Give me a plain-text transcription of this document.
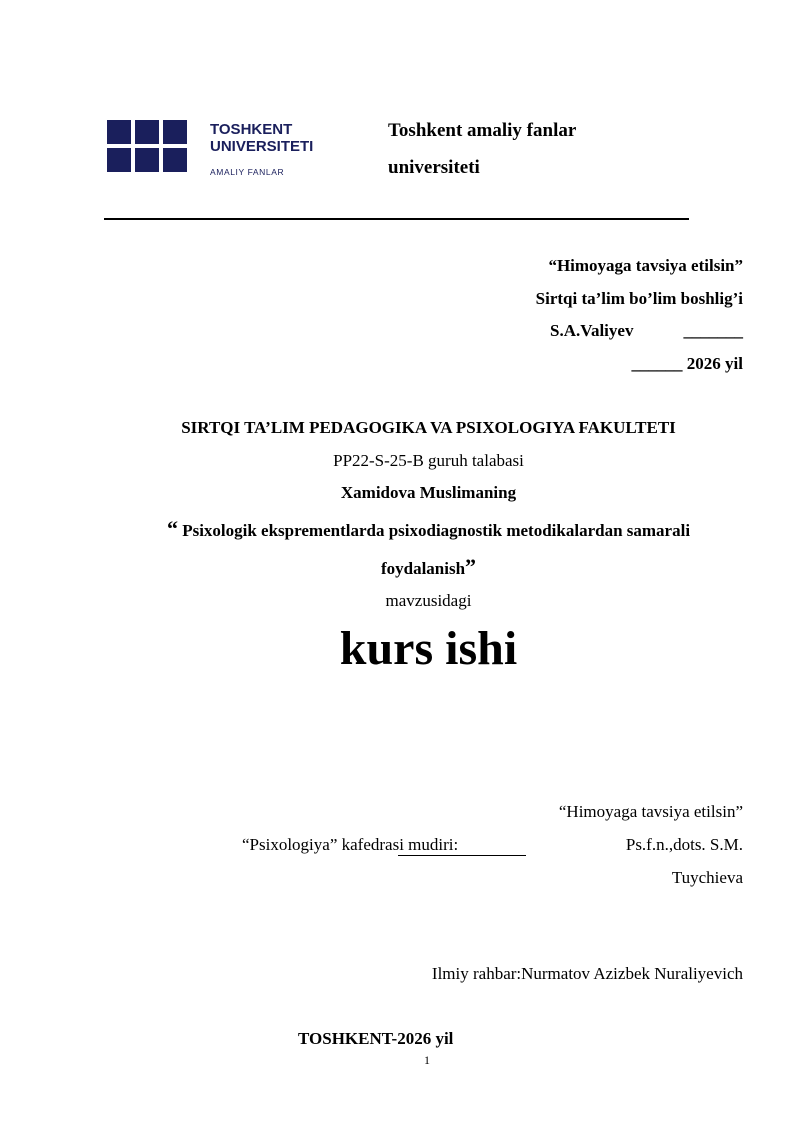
TOSHKENT
UNIVERSITETI
AMALIY FANLAR
Toshkent amaliy fanlar
universiteti
“Himoyaga tavsiya etilsin”
Sirtqi ta’lim bo’lim boshlig’i
S.A.Valiyev	_______
______ 2026 yil
SIRTQI TA’LIM PEDAGOGIKA VA PSIXOLOGIYA FAKULTETI
PP22-S-25-B guruh talabasi
Xamidova Muslimaning
“ Psixologik eksprementlarda psixodiagnostik metodikalardan samarali
foydalanish”
mavzusidagi
kurs ishi
“Himoyaga tavsiya etilsin”
“Psixologiya” kafedrasi mudiri:	Ps.f.n.,dots. S.M.
Tuychieva
Ilmiy rahbar:Nurmatov Azizbek Nuraliyevich
TOSHKENT-2026 yil
1
